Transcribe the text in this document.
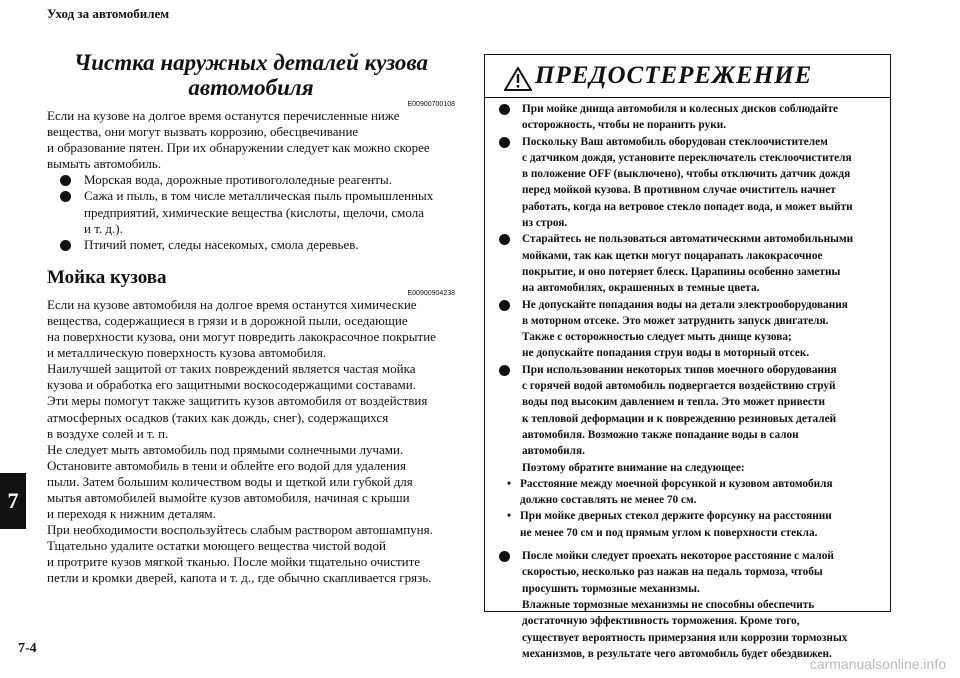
Уход за автомобилем
7
7-4
carmanualsonline.info
Чистка наружных деталей кузова
автомобиля
E00900700108
Если на кузове на долгое время останутся перечисленные ниже
вещества, они могут вызвать коррозию, обесцвечивание
и образование пятен. При их обнаружении следует как можно скорее
вымыть автомобиль.
Морская вода, дорожные противогололедные реагенты.
Сажа и пыль, в том числе металлическая пыль промышленных
предприятий, химические вещества (кислоты, щелочи, смола
и т. д.).
Птичий помет, следы насекомых, смола деревьев.
Мойка кузова
E00900904238
Если на кузове автомобиля на долгое время останутся химические
вещества, содержащиеся в грязи и в дорожной пыли, оседающие
на поверхности кузова, они могут повредить лакокрасочное покрытие
и металлическую поверхность кузова автомобиля.
Наилучшей защитой от таких повреждений является частая мойка
кузова и обработка его защитными воскосодержащими составами.
Эти меры помогут также защитить кузов автомобиля от воздействия
атмосферных осадков (таких как дождь, снег), содержащихся
в воздухе солей и т. п.
Не следует мыть автомобиль под прямыми солнечными лучами.
Остановите автомобиль в тени и облейте его водой для удаления
пыли. Затем большим количеством воды и щеткой или губкой для
мытья автомобилей вымойте кузов автомобиля, начиная с крыши
и переходя к нижним деталям.
При необходимости воспользуйтесь слабым раствором автошампуня.
Тщательно удалите остатки моющего вещества чистой водой
и протрите кузов мягкой тканью. После мойки тщательно очистите
петли и кромки дверей, капота и т. д., где обычно скапливается грязь.
ПРЕДОСТЕРЕЖЕНИЕ
При мойке днища автомобиля и колесных дисков соблюдайте
осторожность, чтобы не поранить руки.
Поскольку Ваш автомобиль оборудован стеклоочистителем
с датчиком дождя, установите переключатель стеклоочистителя
в положение OFF (выключено), чтобы отключить датчик дождя
перед мойкой кузова. В противном случае очиститель начнет
работать, когда на ветровое стекло попадет вода, и может выйти
из строя.
Старайтесь не пользоваться автоматическими автомобильными
мойками, так как щетки могут поцарапать лакокрасочное
покрытие, и оно потеряет блеск. Царапины особенно заметны
на автомобилях, окрашенных в темные цвета.
Не допускайте попадания воды на детали электрооборудования
в моторном отсеке. Это может затруднить запуск двигателя.
Также с осторожностью следует мыть днище кузова;
не допускайте попадания струи воды в моторный отсек.
При использовании некоторых типов моечного оборудования
с горячей водой автомобиль подвергается воздействию струй
воды под высоким давлением и тепла. Это может привести
к тепловой деформации и к повреждению резиновых деталей
автомобиля. Возможно также попадание воды в салон
автомобиля.
Поэтому обратите внимание на следующее:
• Расстояние между моечной форсункой и кузовом автомобиля
должно составлять не менее 70 см.
• При мойке дверных стекол держите форсунку на расстоянии
не менее 70 см и под прямым углом к поверхности стекла.
После мойки следует проехать некоторое расстояние с малой
скоростью, несколько раз нажав на педаль тормоза, чтобы
просушить тормозные механизмы.
Влажные тормозные механизмы не способны обеспечить
достаточную эффективность торможения. Кроме того,
существует вероятность примерзания или коррозии тормозных
механизмов, в результате чего автомобиль будет обездвижен.
